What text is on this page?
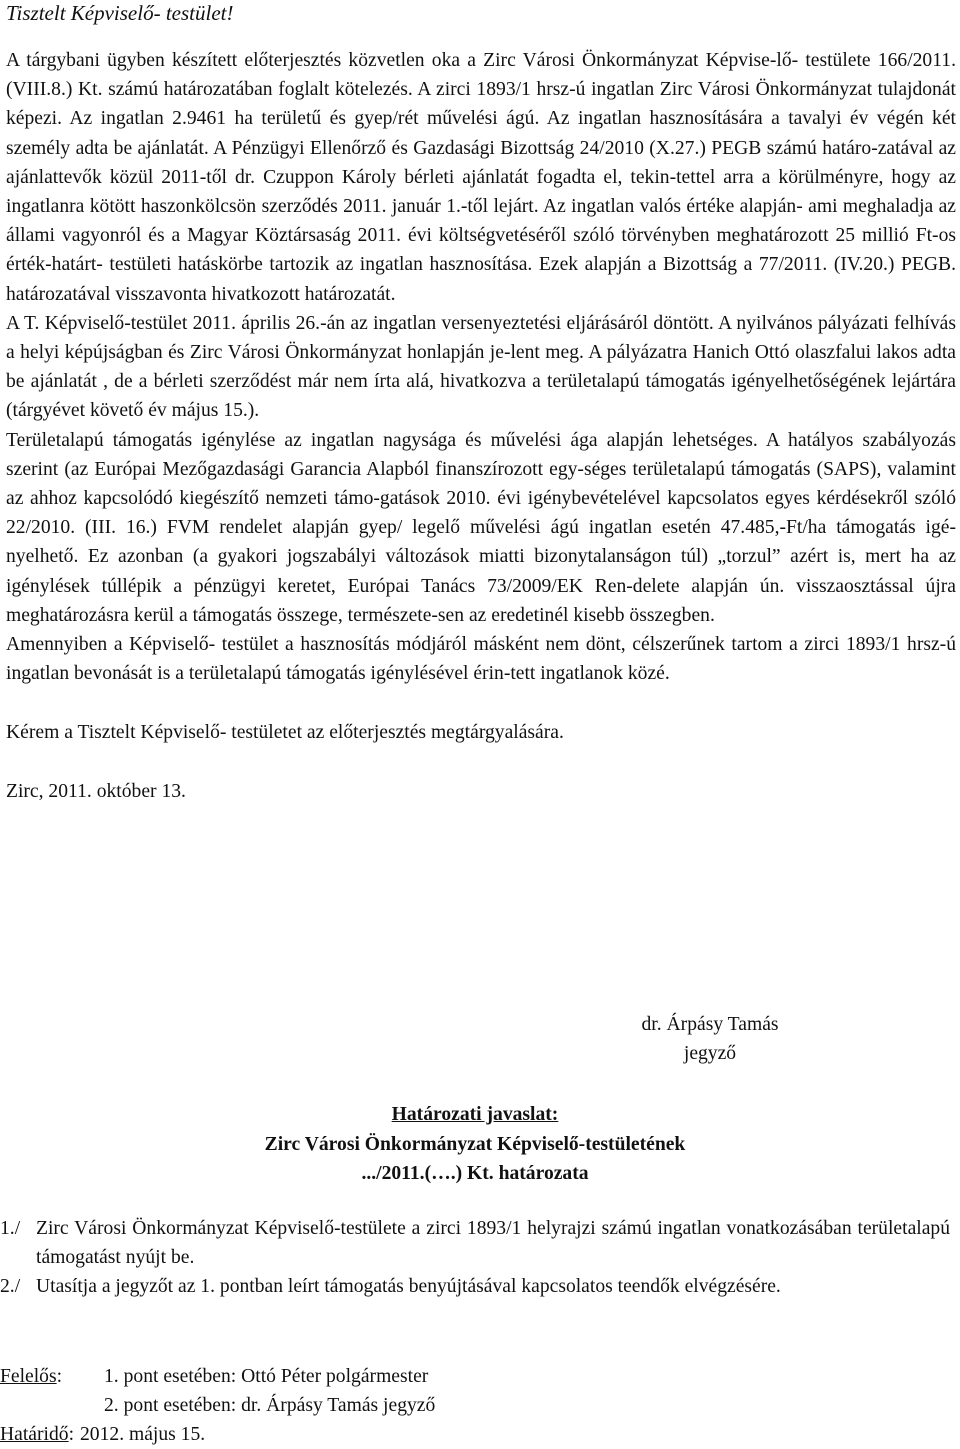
Tisztelt Képviselő- testület!

A tárgybani ügyben készített előterjesztés közvetlen oka a Zirc Városi Önkormányzat Képvise-lő- testülete 166/2011. (VIII.8.) Kt. számú határozatában foglalt kötelezés. A zirci 1893/1 hrsz-ú ingatlan Zirc Városi Önkormányzat tulajdonát képezi. Az ingatlan 2.9461 ha területű és gyep/rét művelési ágú. Az ingatlan hasznosítására a tavalyi év végén két személy adta be ajánlatát. A Pénzügyi Ellenőrző és Gazdasági Bizottság 24/2010 (X.27.) PEGB számú határo-zatával az ajánlattevők közül 2011-től dr. Czuppon Károly bérleti ajánlatát fogadta el, tekin-tettel arra a körülményre, hogy az ingatlanra kötött haszonkölcsön szerződés 2011. január 1.-től lejárt. Az ingatlan valós értéke alapján- ami meghaladja az állami vagyonról és a Magyar Köztársaság 2011. évi költségvetéséről szóló törvényben meghatározott 25 millió Ft-os érték-határt- testületi hatáskörbe tartozik az ingatlan hasznosítása. Ezek alapján a Bizottság a 77/2011. (IV.20.) PEGB. határozatával visszavonta hivatkozott határozatát.

A T. Képviselő-testület 2011. április 26.-án az ingatlan versenyeztetési eljárásáról döntött. A nyilvános pályázati felhívás a helyi képújságban és Zirc Városi Önkormányzat honlapján je-lent meg. A pályázatra Hanich Ottó olaszfalui lakos adta be ajánlatát , de a bérleti szerződést már nem írta alá, hivatkozva a területalapú támogatás igényelhetőségének lejártára (tárgyévet követő év május 15.).

Területalapú támogatás igénylése az ingatlan nagysága és művelési ága alapján lehetséges. A hatályos szabályozás szerint (az Európai Mezőgazdasági Garancia Alapból finanszírozott egy-séges területalapú támogatás (SAPS), valamint az ahhoz kapcsolódó kiegészítő nemzeti támo-gatások 2010. évi igénybevételével kapcsolatos egyes kérdésekről szóló 22/2010. (III. 16.) FVM rendelet alapján gyep/ legelő művelési ágú ingatlan esetén 47.485,-Ft/ha támogatás igé-nyelhető. Ez azonban (a gyakori jogszabályi változások miatti bizonytalanságon túl) „torzul” azért is, mert ha az igénylések túllépik a pénzügyi keretet, Európai Tanács 73/2009/EK Ren-delete alapján ún. visszaosztással újra meghatározásra kerül a támogatás összege, természete-sen az eredetinél kisebb összegben.

Amennyiben a Képviselő- testület a hasznosítás módjáról másként nem dönt, célszerűnek tartom a zirci 1893/1 hrsz-ú ingatlan bevonását is a területalapú támogatás igénylésével érin-tett ingatlanok közé.

Kérem a Tisztelt Képviselő- testületet az előterjesztés megtárgyalására.
Zirc, 2011. október 13.
dr. Árpásy Tamás
jegyző
Határozati javaslat:
Zirc Városi Önkormányzat Képviselő-testületének
.../2011.(….) Kt. határozata
1./ Zirc Városi Önkormányzat Képviselő-testülete a zirci 1893/1 helyrajzi számú ingatlan vonatkozásában területalapú támogatást nyújt be.
2./ Utasítja a jegyzőt az 1. pontban leírt támogatás benyújtásával kapcsolatos teendők elvégzésére.
Felelős:	1. pont esetében: Ottó Péter polgármester
2. pont esetében: dr. Árpásy Tamás jegyző
Határidő: 2012. május 15.
